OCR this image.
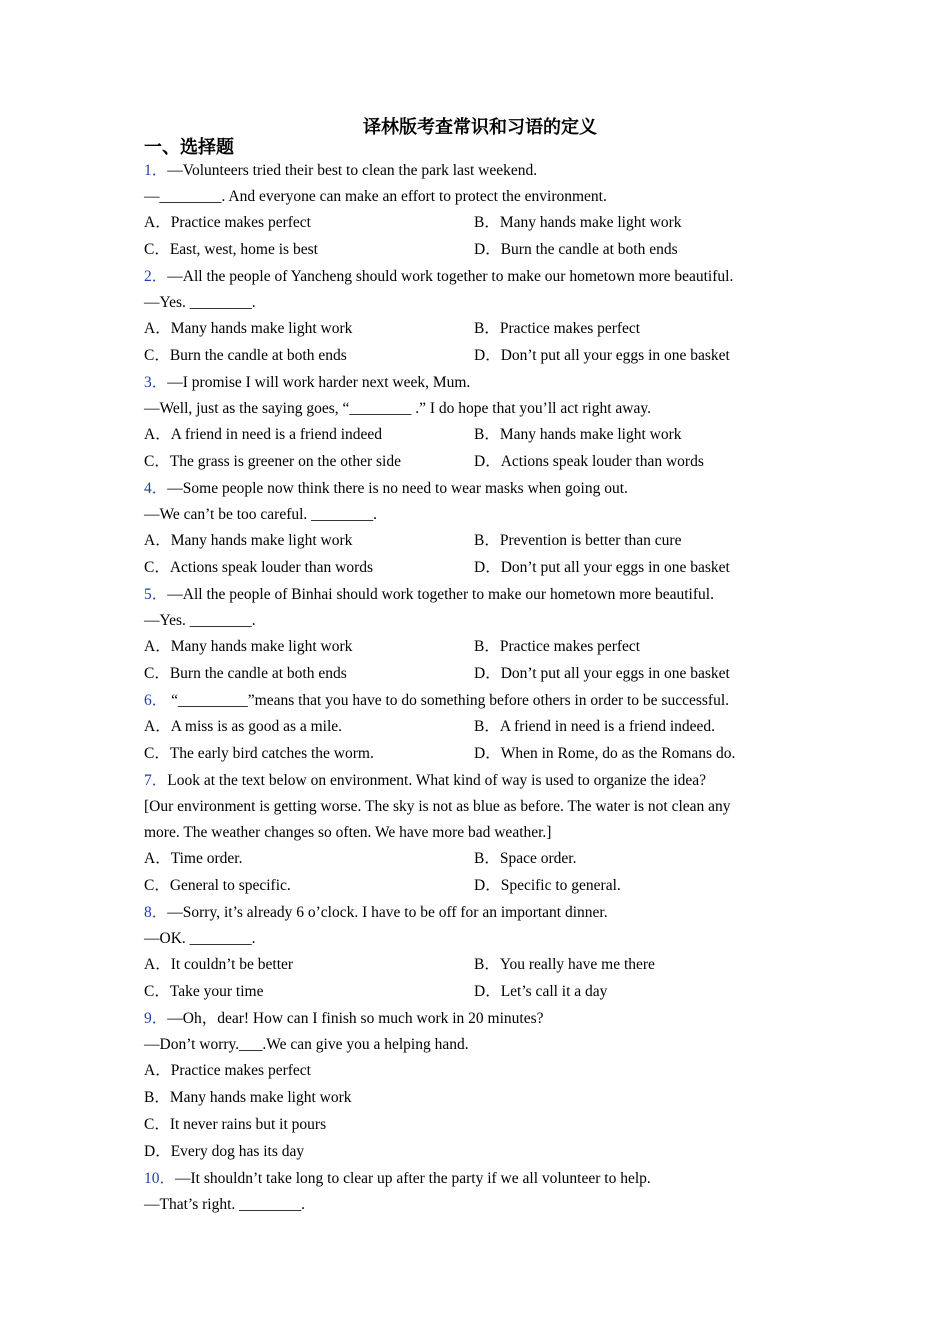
译林版考查常识和习语的定义
一、选择题
1．—Volunteers tried their best to clean the park last weekend.
—________. And everyone can make an effort to protect the environment.
A．Practice makes perfect	B．Many hands make light work
C．East, west, home is best	D．Burn the candle at both ends
2．—All the people of Yancheng should work together to make our hometown more beautiful.
—Yes. ________.
A．Many hands make light work	B．Practice makes perfect
C．Burn the candle at both ends	D．Don’t put all your eggs in one basket
3．—I promise I will work harder next week, Mum.
—Well, just as the saying goes, “________ .” I do hope that you’ll act right away.
A．A friend in need is a friend indeed	B．Many hands make light work
C．The grass is greener on the other side	D．Actions speak louder than words
4．—Some people now think there is no need to wear masks when going out.
—We can’t be too careful. ________.
A．Many hands make light work	B．Prevention is better than cure
C．Actions speak louder than words	D．Don’t put all your eggs in one basket
5．—All the people of Binhai should work together to make our hometown more beautiful.
—Yes. ________.
A．Many hands make light work	B．Practice makes perfect
C．Burn the candle at both ends	D．Don’t put all your eggs in one basket
6． “_________”means that you have to do something before others in order to be successful.
A．A miss is as good as a mile.	B．A friend in need is a friend indeed.
C．The early bird catches the worm.	D．When in Rome, do as the Romans do.
7．Look at the text below on environment. What kind of way is used to organize the idea?
[Our environment is getting worse. The sky is not as blue as before. The water is not clean any
more. The weather changes so often. We have more bad weather.]
A．Time order.	B．Space order.
C．General to specific.	D．Specific to general.
8．—Sorry, it’s already 6 o’clock. I have to be off for an important dinner.
—OK. ________.
A．It couldn’t be better	B．You really have me there
C．Take your time	D．Let’s call it a day
9．—Oh，dear! How can I finish so much work in 20 minutes?
—Don’t worry.___.We can give you a helping hand.
A．Practice makes perfect
B．Many hands make light work
C．It never rains but it pours
D．Every dog has its day
10．—It shouldn’t take long to clear up after the party if we all volunteer to help.
—That’s right. ________.
